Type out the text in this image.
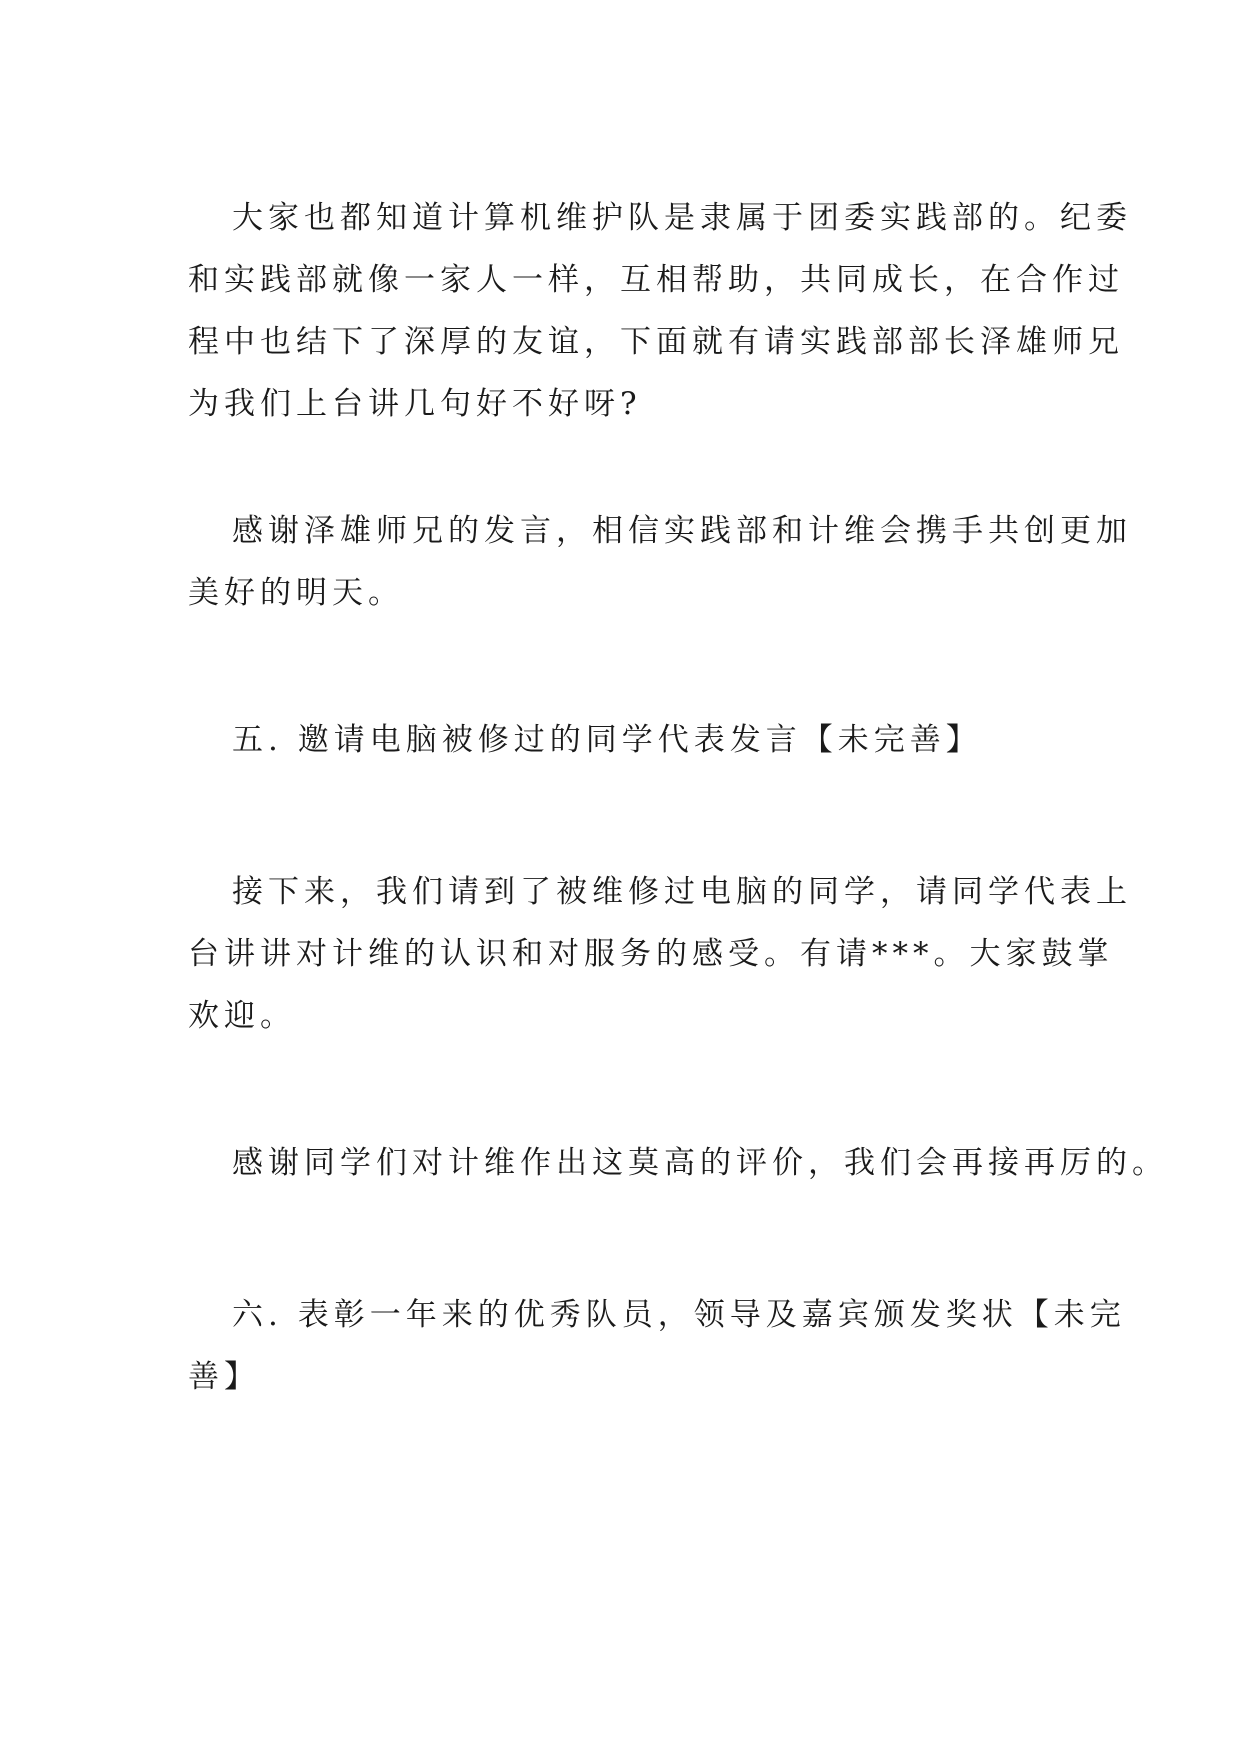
大家也都知道计算机维护队是隶属于团委实践部的。纪委
和实践部就像一家人一样，互相帮助，共同成长，在合作过
程中也结下了深厚的友谊，下面就有请实践部部长泽雄师兄
为我们上台讲几句好不好呀?
感谢泽雄师兄的发言，相信实践部和计维会携手共创更加
美好的明天。
五. 邀请电脑被修过的同学代表发言【未完善】
接下来，我们请到了被维修过电脑的同学，请同学代表上
台讲讲对计维的认识和对服务的感受。有请***。大家鼓掌
欢迎。
感谢同学们对计维作出这莫高的评价，我们会再接再厉的。
六. 表彰一年来的优秀队员，领导及嘉宾颁发奖状【未完
善】
